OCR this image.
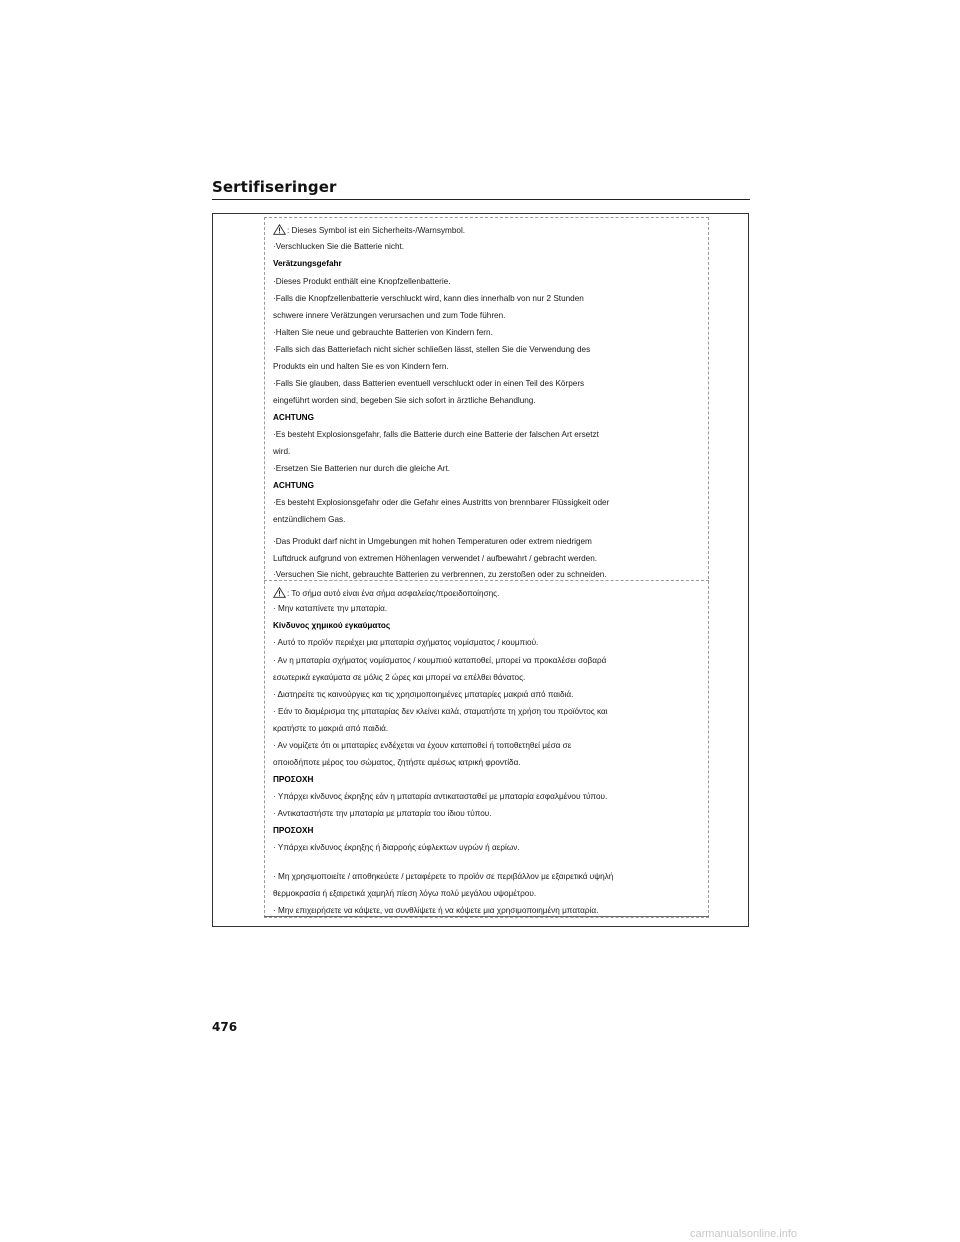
Sertifiseringer
: Dieses Symbol ist ein Sicherheits-/Warnsymbol.
·Verschlucken Sie die Batterie nicht.
Verätzungsgefahr
·Dieses Produkt enthält eine Knopfzellenbatterie.
·Falls die Knopfzellenbatterie verschluckt wird, kann dies innerhalb von nur 2 Stunden
schwere innere Verätzungen verursachen und zum Tode führen.
·Halten Sie neue und gebrauchte Batterien von Kindern fern.
·Falls sich das Batteriefach nicht sicher schließen lässt, stellen Sie die Verwendung des
Produkts ein und halten Sie es von Kindern fern.
·Falls Sie glauben, dass Batterien eventuell verschluckt oder in einen Teil des Körpers
eingeführt worden sind, begeben Sie sich sofort in ärztliche Behandlung.
ACHTUNG
·Es besteht Explosionsgefahr, falls die Batterie durch eine Batterie der falschen Art ersetzt
wird.
·Ersetzen Sie Batterien nur durch die gleiche Art.
ACHTUNG
·Es besteht Explosionsgefahr oder die Gefahr eines Austritts von brennbarer Flüssigkeit oder
entzündlichem Gas.
·Das Produkt darf nicht in Umgebungen mit hohen Temperaturen oder extrem niedrigem
Luftdruck aufgrund von extremen Höhenlagen verwendet / aufbewahrt / gebracht werden.
·Versuchen Sie nicht, gebrauchte Batterien zu verbrennen, zu zerstoßen oder zu schneiden.
: Το σήμα αυτό είναι ένα σήμα ασφαλείας/προειδοποίησης.
· Μην καταπίνετε την μπαταρία.
Κίνδυνος χημικού εγκαύματος
· Αυτό το προϊόν περιέχει μια μπαταρία σχήματος νομίσματος / κουμπιού.
· Αν η μπαταρία σχήματος νομίσματος / κουμπιού καταποθεί, μπορεί να προκαλέσει σοβαρά
εσωτερικά εγκαύματα σε μόλις 2 ώρες και μπορεί να επέλθει θάνατος.
· Διατηρείτε τις καινούργιες και τις χρησιμοποιημένες μπαταρίες μακριά από παιδιά.
· Εάν το διαμέρισμα της μπαταρίας δεν κλείνει καλά, σταματήστε τη χρήση του προϊόντος και
κρατήστε το μακριά από παιδιά.
· Αν νομίζετε ότι οι μπαταρίες ενδέχεται να έχουν καταποθεί ή τοποθετηθεί μέσα σε
οποιοδήποτε μέρος του σώματος, ζητήστε αμέσως ιατρική φροντίδα.
ΠΡΟΣΟΧΗ
· Υπάρχει κίνδυνος έκρηξης εάν η μπαταρία αντικατασταθεί με μπαταρία εσφαλμένου τύπου.
· Αντικαταστήστε την μπαταρία με μπαταρία του ίδιου τύπου.
ΠΡΟΣΟΧΗ
· Υπάρχει κίνδυνος έκρηξης ή διαρροής εύφλεκτων υγρών ή αερίων.
· Μη χρησιμοποιείτε / αποθηκεύετε / μεταφέρετε το προϊόν σε περιβάλλον με εξαιρετικά υψηλή
θερμοκρασία ή εξαιρετικά χαμηλή πίεση λόγω πολύ μεγάλου υψομέτρου.
· Μην επιχειρήσετε να κάψετε, να συνθλίψετε ή να κόψετε μια χρησιμοποιημένη μπαταρία.
476
carmanualsonline.info
